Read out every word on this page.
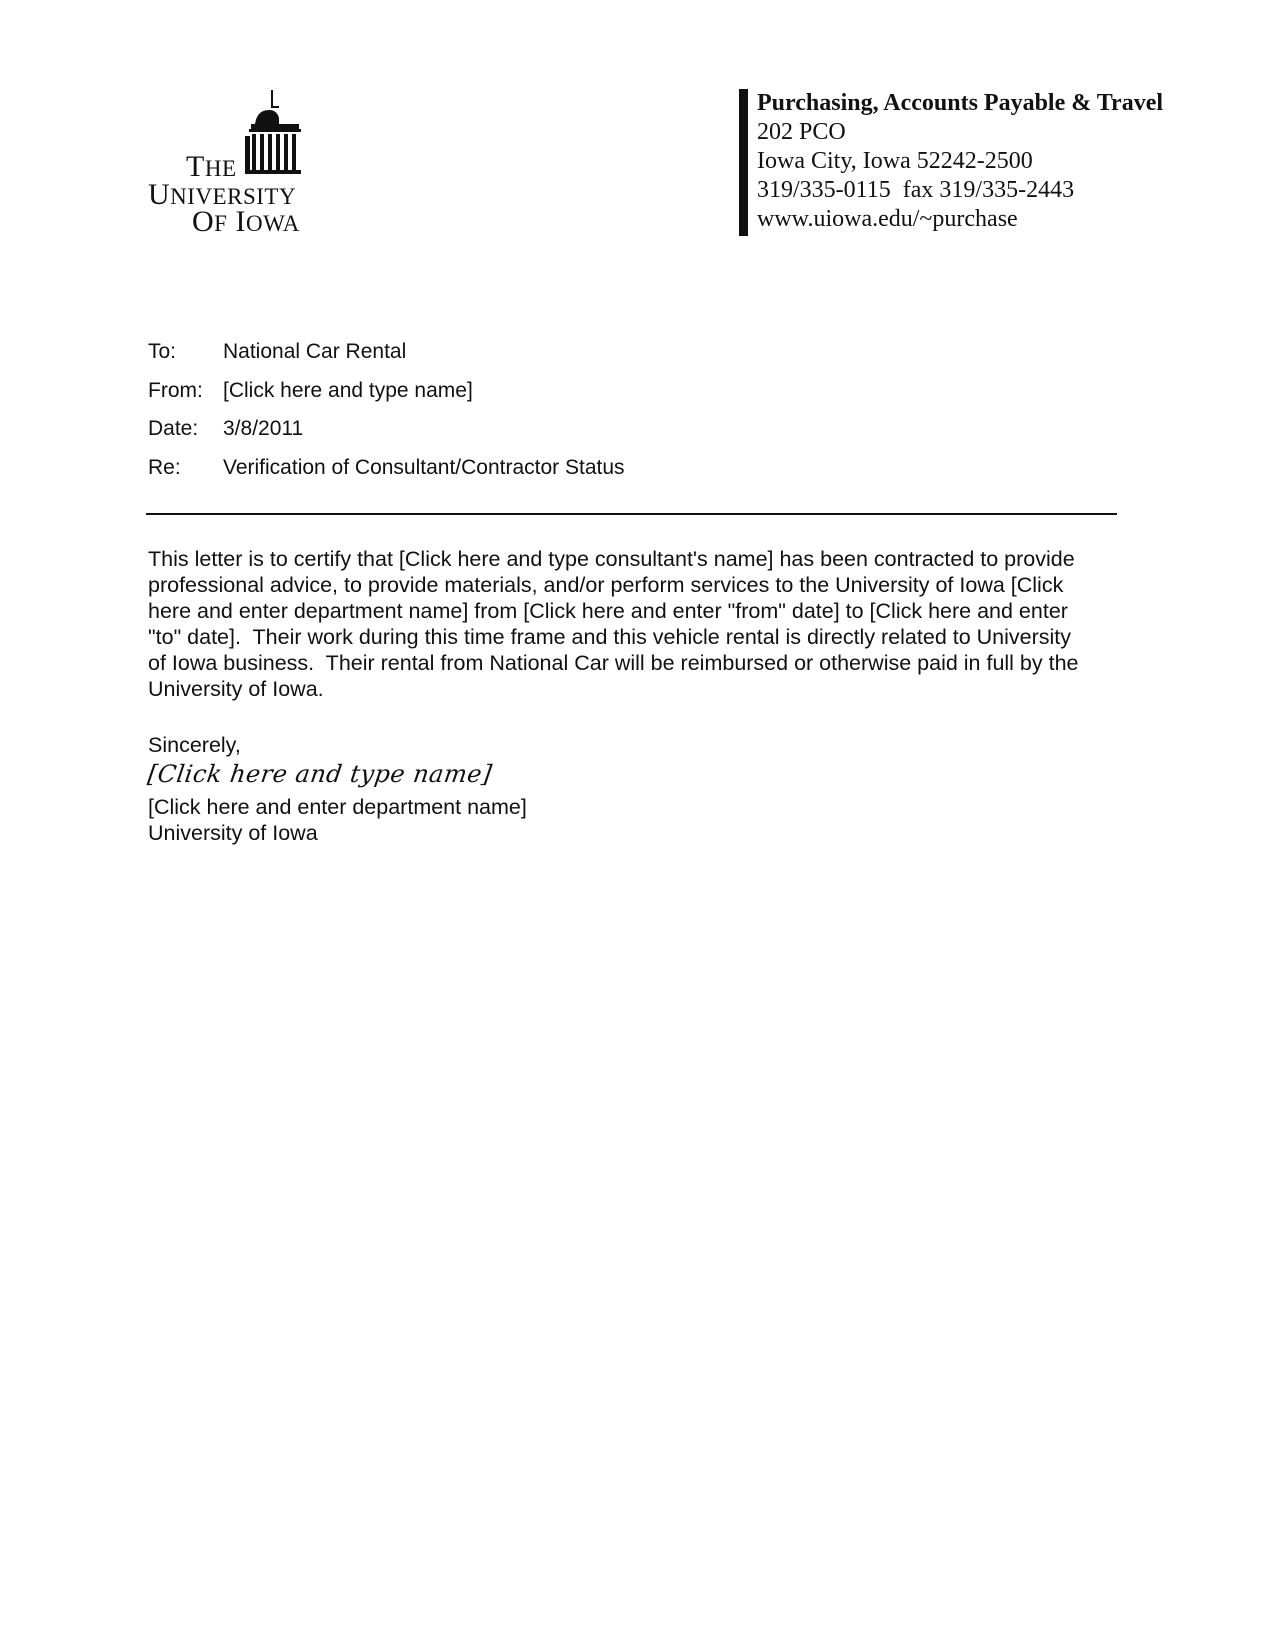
THE
UNIVERSITY
OF IOWA
Purchasing, Accounts Payable & Travel
202 PCO
Iowa City, Iowa 52242-2500
319/335-0115  fax 319/335-2443
www.uiowa.edu/~purchase
To:	National Car Rental
From: [Click here and type name]
Date:	3/8/2011
Re:	Verification of Consultant/Contractor Status
This letter is to certify that [Click here and type consultant's name] has been contracted to provide professional advice, to provide materials, and/or perform services to the University of Iowa [Click here and enter department name] from [Click here and enter "from" date] to [Click here and enter "to" date].  Their work during this time frame and this vehicle rental is directly related to University of Iowa business.  Their rental from National Car will be reimbursed or otherwise paid in full by the University of Iowa.
Sincerely,
[Click here and type name]
[Click here and enter department name]
University of Iowa
